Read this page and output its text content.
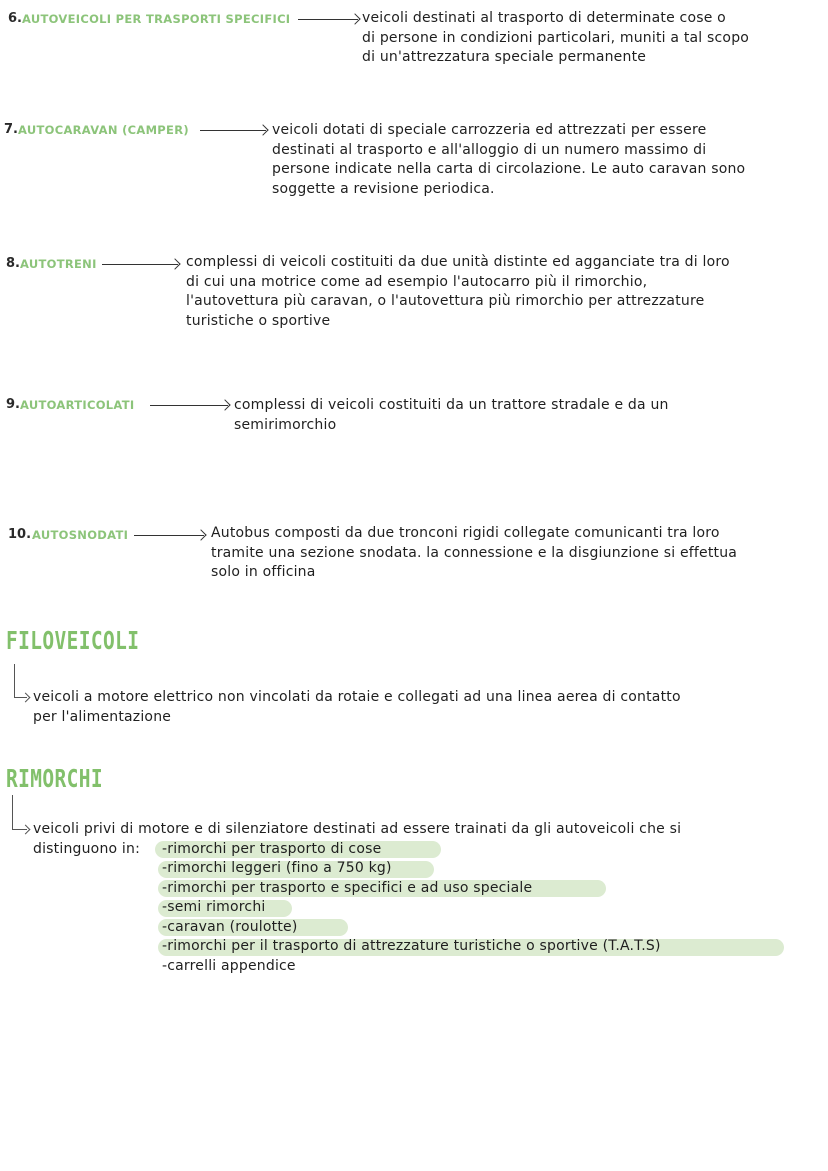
6. AUTOVEICOLI PER TRASPORTI SPECIFICI	veicoli destinati al trasporto di determinate cose o
di persone in condizioni particolari, muniti a tal scopo
di un'attrezzatura speciale permanente
7. AUTOCARAVAN (CAMPER)	veicoli dotati di speciale carrozzeria ed attrezzati per essere
destinati al trasporto e all'alloggio di un numero massimo di
persone indicate nella carta di circolazione. Le auto caravan sono
soggette a revisione periodica.
8. AUTOTRENI	complessi di veicoli costituiti da due unità distinte ed agganciate tra di loro
di cui una motrice come ad esempio l'autocarro più il rimorchio,
l'autovettura più caravan, o l'autovettura più rimorchio per attrezzature
turistiche o sportive
9. AUTOARTICOLATI	complessi di veicoli costituiti da un trattore stradale e da un
semirimorchio
10. AUTOSNODATI	Autobus composti da due tronconi rigidi collegate comunicanti tra loro
tramite una sezione snodata. la connessione e la disgiunzione si effettua
solo in officina
FILOVEICOLI
veicoli a motore elettrico non vincolati da rotaie e collegati ad una linea aerea di contatto
per l'alimentazione
RIMORCHI
veicoli privi di motore e di silenziatore destinati ad essere trainati da gli autoveicoli che si
distinguono in: -rimorchi per trasporto di cose
-rimorchi leggeri (fino a 750 kg)
-rimorchi per trasporto e specifici e ad uso speciale
-semi rimorchi
-caravan (roulotte)
-rimorchi per il trasporto di attrezzature turistiche o sportive (T.A.T.S)
-carrelli appendice
